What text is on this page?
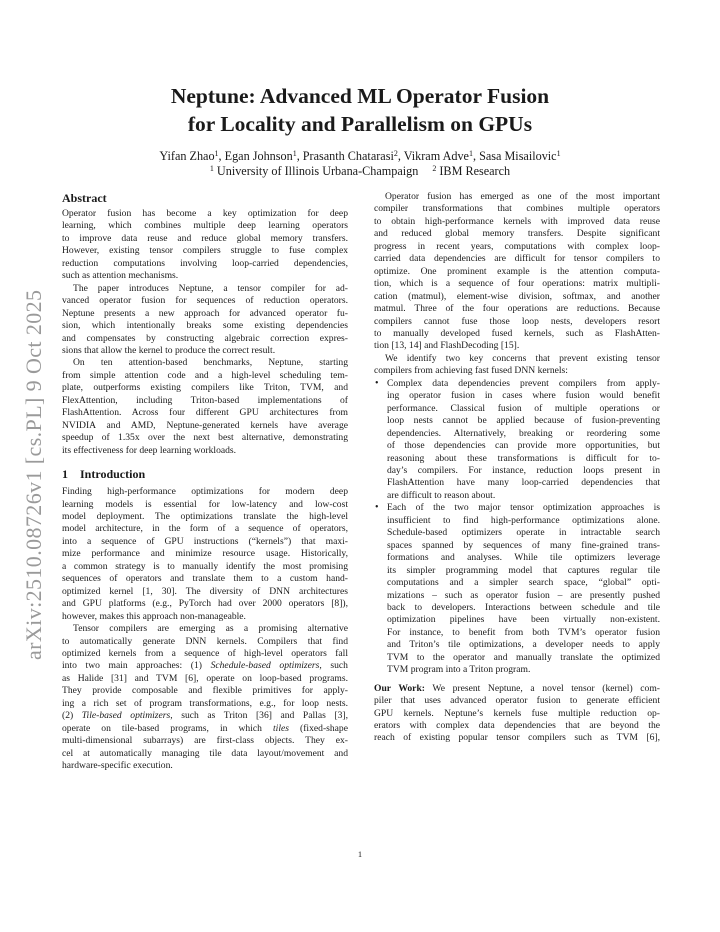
arXiv:2510.08726v1 [cs.PL] 9 Oct 2025
Neptune: Advanced ML Operator Fusion
for Locality and Parallelism on GPUs
Yifan Zhao$^1$, Egan Johnson$^1$, Prasanth Chatarasi$^2$, Vikram Adve$^1$, Sasa Misailovic$^1$
$^1$ University of Illinois Urbana-Champaign $^2$ IBM Research
Abstract

Operator fusion has become a key optimization for deep
learning, which combines multiple deep learning operators
to improve data reuse and reduce global memory transfers.
However, existing tensor compilers struggle to fuse complex
reduction computations involving loop-carried dependencies,
such as attention mechanisms.

The paper introduces Neptune, a tensor compiler for ad-
vanced operator fusion for sequences of reduction operators.
Neptune presents a new approach for advanced operator fu-
sion, which intentionally breaks some existing dependencies
and compensates by constructing algebraic correction expres-
sions that allow the kernel to produce the correct result.

On ten attention-based benchmarks, Neptune, starting
from simple attention code and a high-level scheduling tem-
plate, outperforms existing compilers like Triton, TVM, and
FlexAttention, including Triton-based implementations of
FlashAttention. Across four different GPU architectures from
NVIDIA and AMD, Neptune-generated kernels have average
speedup of 1.35x over the next best alternative, demonstrating
its effectiveness for deep learning workloads.

1 Introduction

Finding high-performance optimizations for modern deep
learning models is essential for low-latency and low-cost
model deployment. The optimizations translate the high-level
model architecture, in the form of a sequence of operators,
into a sequence of GPU instructions (“kernels”) that maxi-
mize performance and minimize resource usage. Historically,
a common strategy is to manually identify the most promising
sequences of operators and translate them to a custom hand-
optimized kernel [1, 30]. The diversity of DNN architectures
and GPU platforms (e.g., PyTorch had over 2000 operators [8]),
however, makes this approach non-manageable.

Tensor compilers are emerging as a promising alternative
to automatically generate DNN kernels. Compilers that find
optimized kernels from a sequence of high-level operators fall
into two main approaches: (1) Schedule-based optimizers, such
as Halide [31] and TVM [6], operate on loop-based programs.
They provide composable and flexible primitives for apply-
ing a rich set of program transformations, e.g., for loop nests.
(2) Tile-based optimizers, such as Triton [36] and Pallas [3],
operate on tile-based programs, in which tiles (fixed-shape
multi-dimensional subarrays) are first-class objects. They ex-
cel at automatically managing tile data layout/movement and
hardware-specific execution.

Operator fusion has emerged as one of the most important
compiler transformations that combines multiple operators
to obtain high-performance kernels with improved data reuse
and reduced global memory transfers. Despite significant
progress in recent years, computations with complex loop-
carried data dependencies are difficult for tensor compilers to
optimize. One prominent example is the attention computa-
tion, which is a sequence of four operations: matrix multipli-
cation (matmul), element-wise division, softmax, and another
matmul. Three of the four operations are reductions. Because
compilers cannot fuse those loop nests, developers resort
to manually developed fused kernels, such as FlashAtten-
tion [13, 14] and FlashDecoding [15].

We identify two key concerns that prevent existing tensor
compilers from achieving fast fused DNN kernels:

• Complex data dependencies prevent compilers from apply-
ing operator fusion in cases where fusion would benefit
performance. Classical fusion of multiple operations or
loop nests cannot be applied because of fusion-preventing
dependencies. Alternatively, breaking or reordering some
of those dependencies can provide more opportunities, but
reasoning about these transformations is difficult for to-
day’s compilers. For instance, reduction loops present in
FlashAttention have many loop-carried dependencies that
are difficult to reason about.
• Each of the two major tensor optimization approaches is
insufficient to find high-performance optimizations alone.
Schedule-based optimizers operate in intractable search
spaces spanned by sequences of many fine-grained trans-
formations and analyses. While tile optimizers leverage
its simpler programming model that captures regular tile
computations and a simpler search space, “global” opti-
mizations – such as operator fusion – are presently pushed
back to developers. Interactions between schedule and tile
optimization pipelines have been virtually non-existent.
For instance, to benefit from both TVM’s operator fusion
and Triton’s tile optimizations, a developer needs to apply
TVM to the operator and manually translate the optimized
TVM program into a Triton program.

Our Work: We present Neptune, a novel tensor (kernel) com-
piler that uses advanced operator fusion to generate efficient
GPU kernels. Neptune’s kernels fuse multiple reduction op-
erators with complex data dependencies that are beyond the
reach of existing popular tensor compilers such as TVM [6],

1
